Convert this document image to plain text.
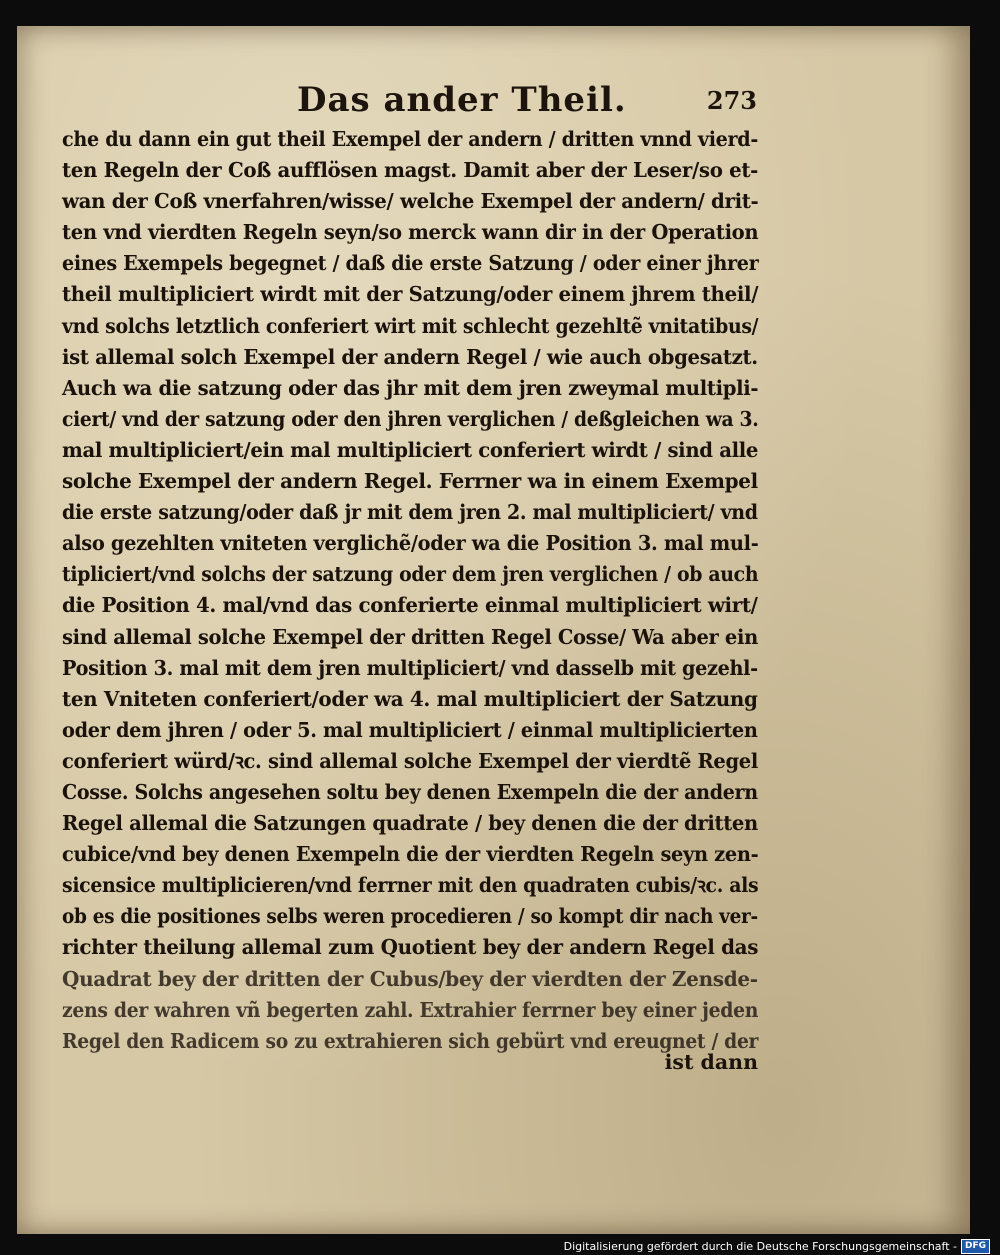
Das ander Theil.	273
che du dann ein gut theil Exempel der andern / dritten vnnd vierd-
ten Regeln der Coß aufflösen magst. Damit aber der Leser/so et-
wan der Coß vnerfahren/wisse/ welche Exempel der andern/ drit-
ten vnd vierdten Regeln seyn/so merck wann dir in der Operation
eines Exempels begegnet / daß die erste Satzung / oder einer jhrer
theil multipliciert wirdt mit der Satzung/oder einem jhrem theil/
vnd solchs letztlich conferiert wirt mit schlecht gezehltẽ vnitatibus/
ist allemal solch Exempel der andern Regel / wie auch obgesatzt.
Auch wa die satzung oder das jhr mit dem jren zweymal multipli-
ciert/ vnd der satzung oder den jhren verglichen / deßgleichen wa 3.
mal multipliciert/ein mal multipliciert conferiert wirdt / sind alle
solche Exempel der andern Regel. Ferrner wa in einem Exempel
die erste satzung/oder daß jr mit dem jren 2. mal multipliciert/ vnd
also gezehlten vniteten verglichẽ/oder wa die Position 3. mal mul-
tipliciert/vnd solchs der satzung oder dem jren verglichen / ob auch
die Position 4. mal/vnd das conferierte einmal multipliciert wirt/
sind allemal solche Exempel der dritten Regel Cosse/ Wa aber ein
Position 3. mal mit dem jren multipliciert/ vnd dasselb mit gezehl-
ten Vniteten conferiert/oder wa 4. mal multipliciert der Satzung
oder dem jhren / oder 5. mal multipliciert / einmal multiplicierten
conferiert würd/ꝛc. sind allemal solche Exempel der vierdtẽ Regel
Cosse. Solchs angesehen soltu bey denen Exempeln die der andern
Regel allemal die Satzungen quadrate / bey denen die der dritten
cubice/vnd bey denen Exempeln die der vierdten Regeln seyn zen-
sicensice multiplicieren/vnd ferrner mit den quadraten cubis/ꝛc. als
ob es die positiones selbs weren procedieren / so kompt dir nach ver-
richter theilung allemal zum Quotient bey der andern Regel das
Quadrat bey der dritten der Cubus/bey der vierdten der Zensde-
zens der wahren vñ begerten zahl. Extrahier ferrner bey einer jeden
Regel den Radicem so zu extrahieren sich gebürt vnd ereugnet / der
ist dann
Digitalisierung gefördert durch die Deutsche Forschungsgemeinschaft - DFG
